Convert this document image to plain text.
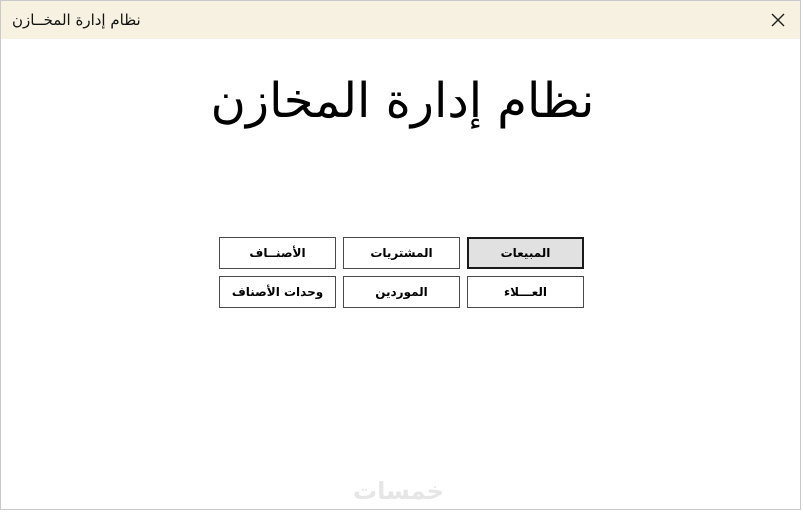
نظام إدارة المخــازن
نظام إدارة المخازن
المبيعات
المشتريات
الأصنــاف
العـــلاء
الموردين
وحدات الأصناف
خمسات
